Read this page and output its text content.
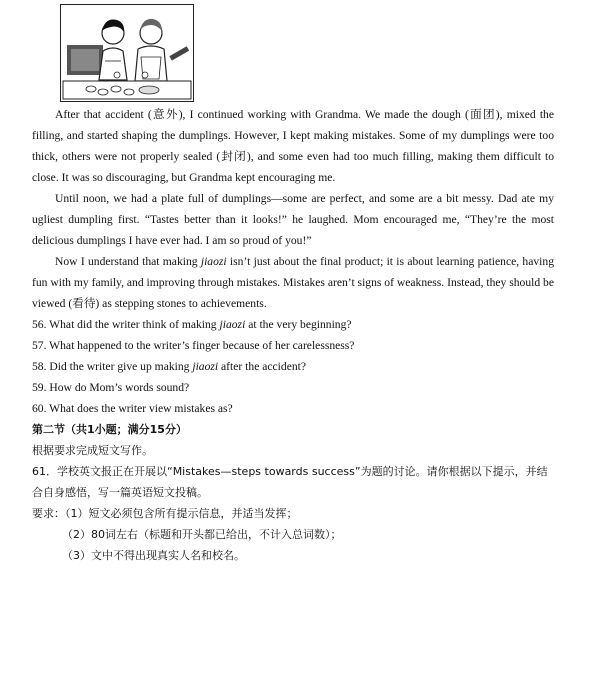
After that accident (意外), I continued working with Grandma. We made the dough (面团), mixed the filling, and started shaping the dumplings. However, I kept making mistakes. Some of my dumplings were too thick, others were not properly sealed (封闭), and some even had too much filling, making them difficult to close. It was so discouraging, but Grandma kept encouraging me.

Until noon, we had a plate full of dumplings—some are perfect, and some are a bit messy. Dad ate my ugliest dumpling first. “Tastes better than it looks!” he laughed. Mom encouraged me, “They’re the most delicious dumplings I have ever had. I am so proud of you!”

Now I understand that making jiaozi isn’t just about the final product; it is about learning patience, having fun with my family, and improving through mistakes. Mistakes aren’t signs of weakness. Instead, they should be viewed (看待) as stepping stones to achievements.

56. What did the writer think of making jiaozi at the very beginning?

57. What happened to the writer’s finger because of her carelessness?

58. Did the writer give up making jiaozi after the accident?

59. How do Mom’s words sound?

60. What does the writer view mistakes as?

第二节（共1小题；满分15分）

根据要求完成短文写作。

61．学校英文报正在开展以“Mistakes—steps towards success”为题的讨论。请你根据以下提示，并结合自身感悟，写一篇英语短文投稿。

要求：（1）短文必须包含所有提示信息，并适当发挥；

（2）80词左右（标题和开头都已给出，不计入总词数）；

（3）文中不得出现真实人名和校名。
